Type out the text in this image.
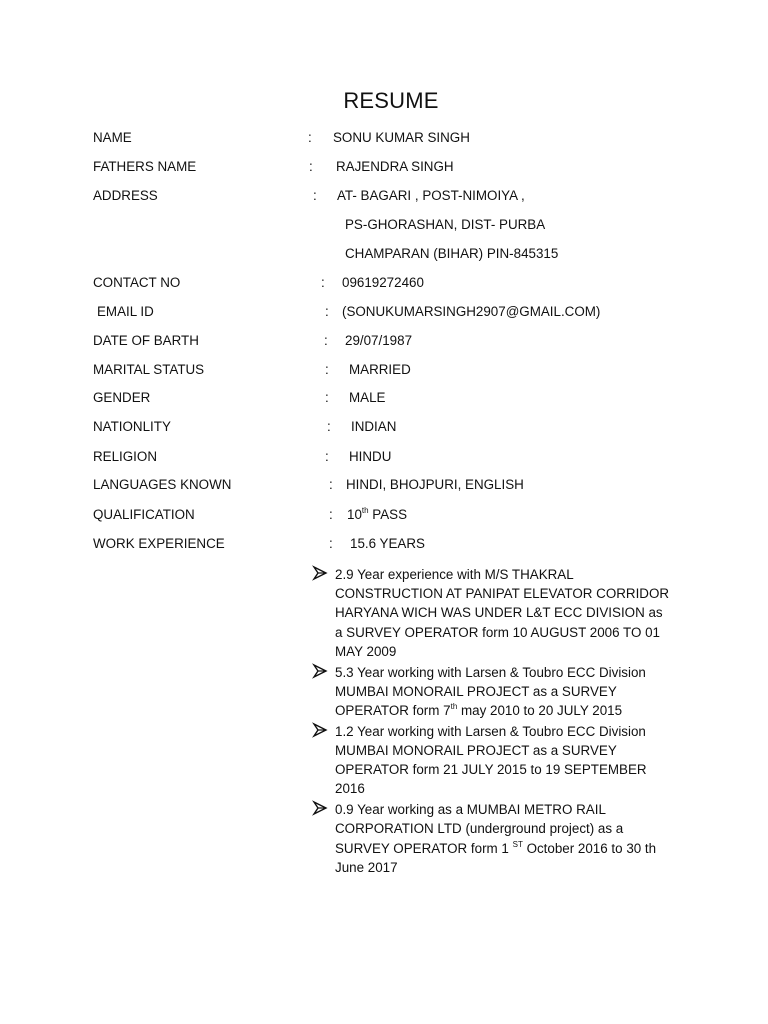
RESUME
NAME	: SONU KUMAR SINGH
FATHERS NAME	: RAJENDRA SINGH
ADDRESS	: AT- BAGARI , POST-NIMOIYA ,
PS-GHORASHAN, DIST- PURBA
CHAMPARAN (BIHAR) PIN-845315
CONTACT NO	: 09619272460
EMAIL ID	: (SONUKUMARSINGH2907@GMAIL.COM)
DATE OF BARTH	: 29/07/1987
MARITAL STATUS	: MARRIED
GENDER	: MALE
NATIONLITY	: INDIAN
RELIGION	: HINDU
LANGUAGES KNOWN	: HINDI, BHOJPURI, ENGLISH
QUALIFICATION	: 10th PASS
WORK EXPERIENCE	: 15.6 YEARS
2.9 Year experience with M/S THAKRAL CONSTRUCTION AT PANIPAT ELEVATOR CORRIDOR HARYANA WICH WAS UNDER L&T ECC DIVISION as a SURVEY OPERATOR form 10 AUGUST 2006 TO 01 MAY 2009
5.3 Year working with Larsen & Toubro ECC Division MUMBAI MONORAIL PROJECT as a SURVEY OPERATOR form 7th may 2010 to 20 JULY 2015
1.2 Year working with Larsen & Toubro ECC Division MUMBAI MONORAIL PROJECT as a SURVEY OPERATOR form 21 JULY 2015 to 19 SEPTEMBER 2016
0.9 Year working as a MUMBAI METRO RAIL CORPORATION LTD (underground project) as a SURVEY OPERATOR form 1 $^{ST}$ October 2016 to 30 th June 2017
